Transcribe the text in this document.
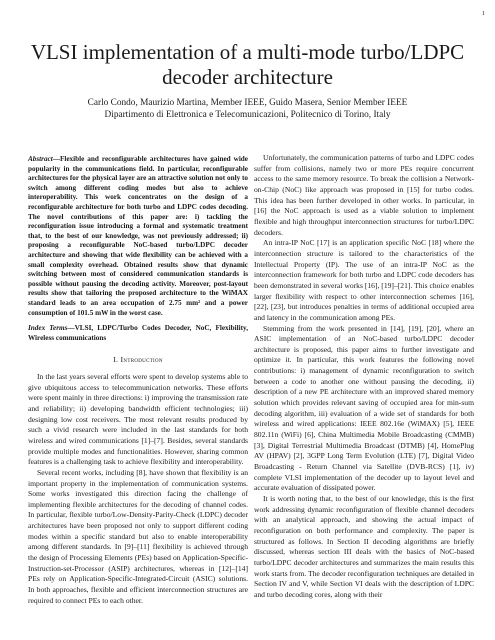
1
VLSI implementation of a multi-mode turbo/LDPC decoder architecture
Carlo Condo, Maurizio Martina, Member IEEE, Guido Masera, Senior Member IEEE
Dipartimento di Elettronica e Telecomunicazioni, Politecnico di Torino, Italy

Abstract—Flexible and reconfigurable architectures have gained wide popularity in the communications field. In particular, reconfigurable architectures for the physical layer are an attractive solution not only to switch among different coding modes but also to achieve interoperability. This work concentrates on the design of a reconfigurable architecture for both turbo and LDPC codes decoding. The novel contributions of this paper are: i) tackling the reconfiguration issue introducing a formal and systematic treatment that, to the best of our knowledge, was not previously addressed; ii) proposing a reconfigurable NoC-based turbo/LDPC decoder architecture and showing that wide flexibility can be achieved with a small complexity overhead. Obtained results show that dynamic switching between most of considered communication standards is possible without pausing the decoding activity. Moreover, post-layout results show that tailoring the proposed architecture to the WiMAX standard leads to an area occupation of 2.75 mm² and a power consumption of 101.5 mW in the worst case.

Index Terms—VLSI, LDPC/Turbo Codes Decoder, NoC, Flexibility, Wireless communications

I. Introduction

In the last years several efforts were spent to develop systems able to give ubiquitous access to telecommunication networks. These efforts were spent mainly in three directions: i) improving the transmission rate and reliability; ii) developing bandwidth efficient technologies; iii) designing low cost receivers. The most relevant results produced by such a vivid research were included in the last standards for both wireless and wired communications [1]–[7]. Besides, several standards provide multiple modes and functionalities. However, sharing common features is a challenging task to achieve flexibility and interoperability.

Several recent works, including [8], have shown that flexibility is an important property in the implementation of communication systems. Some works investigated this direction facing the challenge of implementing flexible architectures for the decoding of channel codes. In particular, flexible turbo/Low-Density-Parity-Check (LDPC) decoder architectures have been proposed not only to support different coding modes within a specific standard but also to enable interoperability among different standards. In [9]–[11] flexibility is achieved through the design of Processing Elements (PEs) based on Application-Specific-Instruction-set-Processor (ASIP) architectures, whereas in [12]–[14] PEs rely on Application-Specific-Integrated-Circuit (ASIC) solutions. In both approaches, flexible and efficient interconnection structures are required to connect PEs to each other.

Unfortunately, the communication patterns of turbo and LDPC codes suffer from collisions, namely two or more PEs require concurrent access to the same memory resource. To break the collision a Network-on-Chip (NoC) like approach was proposed in [15] for turbo codes. This idea has been further developed in other works. In particular, in [16] the NoC approach is used as a viable solution to implement flexible and high throughput interconnection structures for turbo/LDPC decoders.

An intra-IP NoC [17] is an application specific NoC [18] where the interconnection structure is tailored to the characteristics of the Intellectual Property (IP). The use of an intra-IP NoC as the interconnection framework for both turbo and LDPC code decoders has been demonstrated in several works [16], [19]–[21]. This choice enables larger flexibility with respect to other interconnection schemes [16], [22], [23], but introduces penalties in terms of additional occupied area and latency in the communication among PEs.

Stemming from the work presented in [14], [19], [20], where an ASIC implementation of an NoC-based turbo/LDPC decoder architecture is proposed, this paper aims to further investigate and optimize it. In particular, this work features the following novel contributions: i) management of dynamic reconfiguration to switch between a code to another one without pausing the decoding, ii) description of a new PE architecture with an improved shared memory solution which provides relevant saving of occupied area for min-sum decoding algorithm, iii) evaluation of a wide set of standards for both wireless and wired applications: IEEE 802.16e (WiMAX) [5], IEEE 802.11n (WiFi) [6], China Multimedia Mobile Broadcasting (CMMB) [3], Digital Terrestrial Multimedia Broadcast (DTMB) [4], HomePlug AV (HPAV) [2], 3GPP Long Term Evolution (LTE) [7], Digital Video Broadcasting - Return Channel via Satellite (DVB-RCS) [1], iv) complete VLSI implementation of the decoder up to layout level and accurate evaluation of dissipated power.

It is worth noting that, to the best of our knowledge, this is the first work addressing dynamic reconfiguration of flexible channel decoders with an analytical approach, and showing the actual impact of reconfiguration on both performance and complexity. The paper is structured as follows. In Section II decoding algorithms are briefly discussed, whereas section III deals with the basics of NoC-based turbo/LDPC decoder architectures and summarizes the main results this work starts from. The decoder reconfiguration techniques are detailed in Section IV and V, while Section VI deals with the description of LDPC and turbo decoding cores, along with their
